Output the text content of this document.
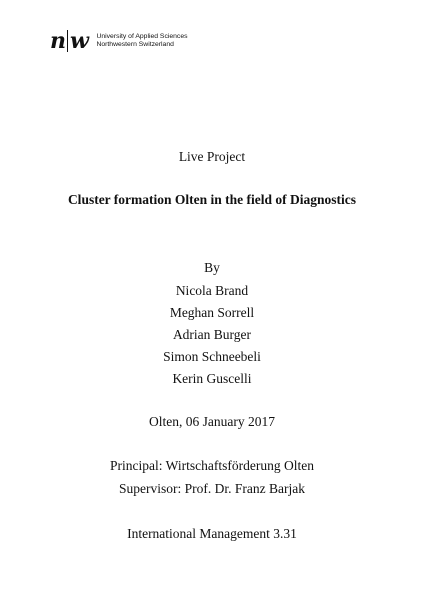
n w University of Applied Sciences
Northwestern Switzerland
Live Project
Cluster formation Olten in the field of Diagnostics
By
Nicola Brand
Meghan Sorrell
Adrian Burger
Simon Schneebeli
Kerin Guscelli
Olten, 06 January 2017
Principal: Wirtschaftsförderung Olten
Supervisor: Prof. Dr. Franz Barjak
International Management 3.31
